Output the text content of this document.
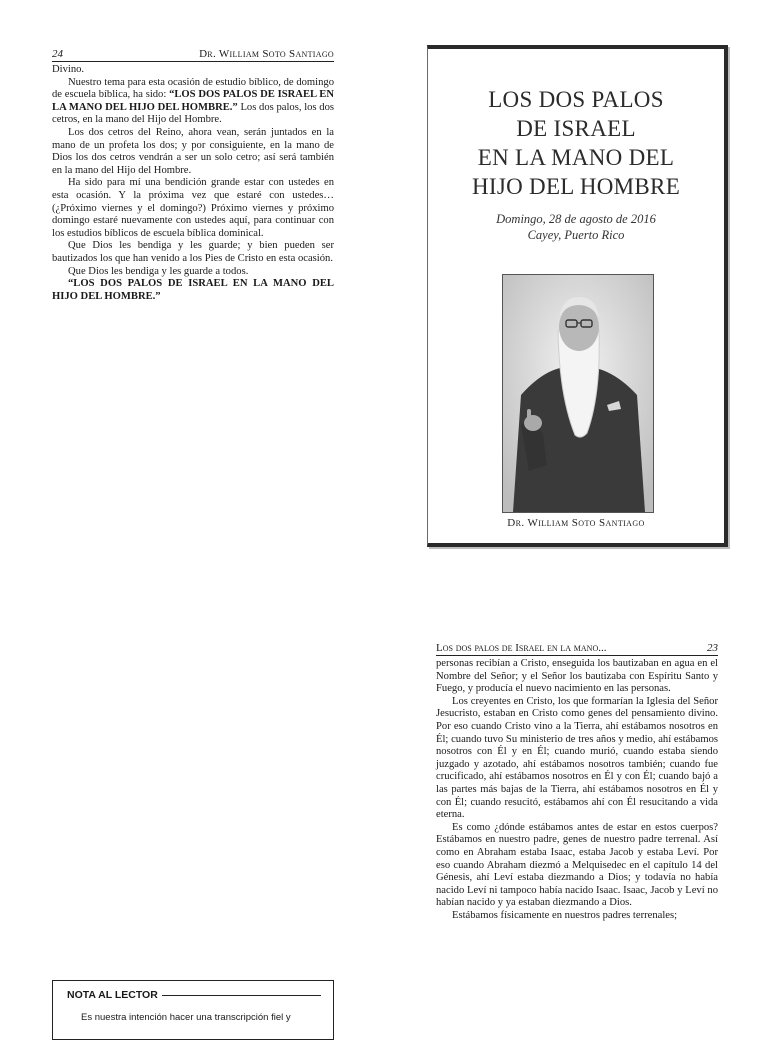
24	Dr. William Soto Santiago

Divino.

Nuestro tema para esta ocasión de estudio bíblico, de domingo de escuela bíblica, ha sido: “LOS DOS PALOS DE ISRAEL EN LA MANO DEL HIJO DEL HOMBRE.” Los dos palos, los dos cetros, en la mano del Hijo del Hombre.

Los dos cetros del Reino, ahora vean, serán juntados en la mano de un profeta los dos; y por consiguiente, en la mano de Dios los dos cetros vendrán a ser un solo cetro; así será también en la mano del Hijo del Hombre.

Ha sido para mí una bendición grande estar con ustedes en esta ocasión. Y la próxima vez que estaré con ustedes… (¿Próximo viernes y el domingo?) Próximo viernes y próximo domingo estaré nuevamente con ustedes aquí, para continuar con los estudios bíblicos de escuela bíblica dominical.

Que Dios les bendiga y les guarde; y bien pueden ser bautizados los que han venido a los Pies de Cristo en esta ocasión.

Que Dios les bendiga y les guarde a todos.

“LOS DOS PALOS DE ISRAEL EN LA MANO DEL HIJO DEL HOMBRE.”

LOS DOS PALOS
DE ISRAEL
EN LA MANO DEL
HIJO DEL HOMBRE
Domingo, 28 de agosto de 2016
Cayey, Puerto Rico
Dr. William Soto Santiago
Los dos palos de Israel en la mano...	23

personas recibían a Cristo, enseguida los bautizaban en agua en el Nombre del Señor; y el Señor los bautizaba con Espíritu Santo y Fuego, y producía el nuevo nacimiento en las personas.

Los creyentes en Cristo, los que formarían la Iglesia del Señor Jesucristo, estaban en Cristo como genes del pensamiento divino. Por eso cuando Cristo vino a la Tierra, ahí estábamos nosotros en Él; cuando tuvo Su ministerio de tres años y medio, ahí estábamos nosotros con Él y en Él; cuando murió, cuando estaba siendo juzgado y azotado, ahí estábamos nosotros también; cuando fue crucificado, ahí estábamos nosotros en Él y con Él; cuando bajó a las partes más bajas de la Tierra, ahí estábamos nosotros en Él y con Él; cuando resucitó, estábamos ahí con Él resucitando a vida eterna.

Es como ¿dónde estábamos antes de estar en estos cuerpos? Estábamos en nuestro padre, genes de nuestro padre terrenal. Así como en Abraham estaba Isaac, estaba Jacob y estaba Leví. Por eso cuando Abraham diezmó a Melquisedec en el capítulo 14 del Génesis, ahí Leví estaba diezmando a Dios; y todavía no había nacido Leví ni tampoco había nacido Isaac. Isaac, Jacob y Leví no habían nacido y ya estaban diezmando a Dios.

Estábamos físicamente en nuestros padres terrenales;

NOTA AL LECTOR
Es nuestra intención hacer una transcripción fiel y
